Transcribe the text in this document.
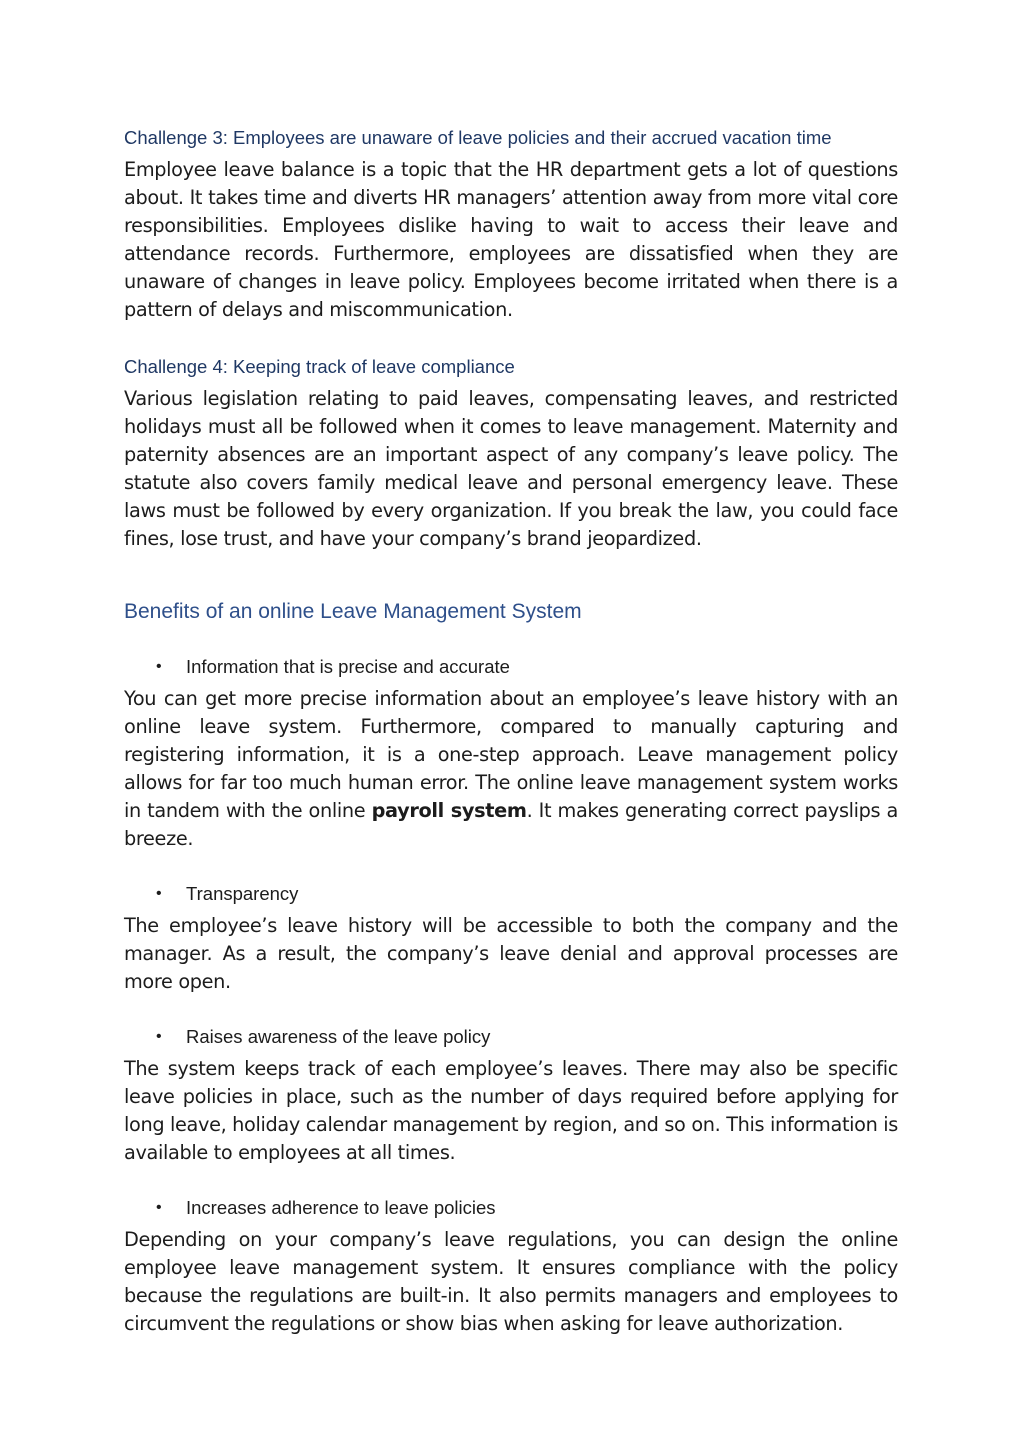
Challenge 3: Employees are unaware of leave policies and their accrued vacation time

Employee leave balance is a topic that the HR department gets a lot of questions about. It takes time and diverts HR managers’ attention away from more vital core responsibilities. Employees dislike having to wait to access their leave and attendance records. Furthermore, employees are dissatisfied when they are unaware of changes in leave policy. Employees become irritated when there is a pattern of delays and miscommunication.

Challenge 4: Keeping track of leave compliance

Various legislation relating to paid leaves, compensating leaves, and restricted holidays must all be followed when it comes to leave management. Maternity and paternity absences are an important aspect of any company’s leave policy. The statute also covers family medical leave and personal emergency leave. These laws must be followed by every organization. If you break the law, you could face fines, lose trust, and have your company’s brand jeopardized.

Benefits of an online Leave Management System

• Information that is precise and accurate

You can get more precise information about an employee’s leave history with an online leave system. Furthermore, compared to manually capturing and registering information, it is a one-step approach. Leave management policy allows for far too much human error. The online leave management system works in tandem with the online payroll system. It makes generating correct payslips a breeze.

• Transparency

The employee’s leave history will be accessible to both the company and the manager. As a result, the company’s leave denial and approval processes are more open.

• Raises awareness of the leave policy

The system keeps track of each employee’s leaves. There may also be specific leave policies in place, such as the number of days required before applying for long leave, holiday calendar management by region, and so on. This information is available to employees at all times.

• Increases adherence to leave policies

Depending on your company’s leave regulations, you can design the online employee leave management system. It ensures compliance with the policy because the regulations are built-in. It also permits managers and employees to circumvent the regulations or show bias when asking for leave authorization.
